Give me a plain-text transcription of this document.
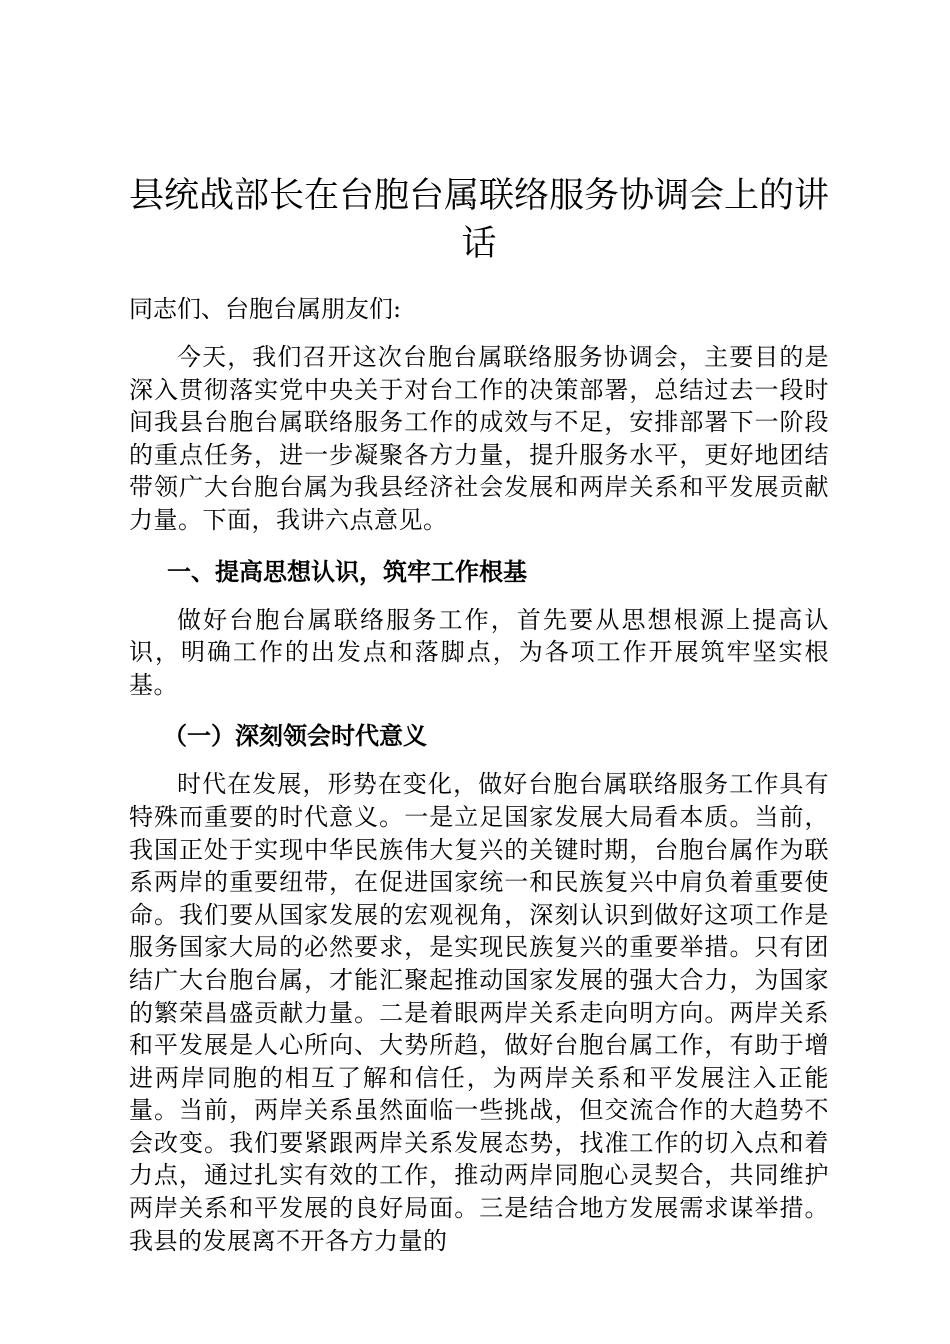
县统战部长在台胞台属联络服务协调会上的讲话

同志们、台胞台属朋友们:

今天，我们召开这次台胞台属联络服务协调会，主要目的是深入贯彻落实党中央关于对台工作的决策部署，总结过去一段时间我县台胞台属联络服务工作的成效与不足，安排部署下一阶段的重点任务，进一步凝聚各方力量，提升服务水平，更好地团结带领广大台胞台属为我县经济社会发展和两岸关系和平发展贡献力量。下面，我讲六点意见。

一、提高思想认识，筑牢工作根基

做好台胞台属联络服务工作，首先要从思想根源上提高认识，明确工作的出发点和落脚点，为各项工作开展筑牢坚实根基。

（一）深刻领会时代意义

时代在发展，形势在变化，做好台胞台属联络服务工作具有特殊而重要的时代意义。一是立足国家发展大局看本质。当前，我国正处于实现中华民族伟大复兴的关键时期，台胞台属作为联系两岸的重要纽带，在促进国家统一和民族复兴中肩负着重要使命。我们要从国家发展的宏观视角，深刻认识到做好这项工作是服务国家大局的必然要求，是实现民族复兴的重要举措。只有团结广大台胞台属，才能汇聚起推动国家发展的强大合力，为国家的繁荣昌盛贡献力量。二是着眼两岸关系走向明方向。两岸关系和平发展是人心所向、大势所趋，做好台胞台属工作，有助于增进两岸同胞的相互了解和信任，为两岸关系和平发展注入正能量。当前，两岸关系虽然面临一些挑战，但交流合作的大趋势不会改变。我们要紧跟两岸关系发展态势，找准工作的切入点和着力点，通过扎实有效的工作，推动两岸同胞心灵契合，共同维护两岸关系和平发展的良好局面。三是结合地方发展需求谋举措。我县的发展离不开各方力量的
